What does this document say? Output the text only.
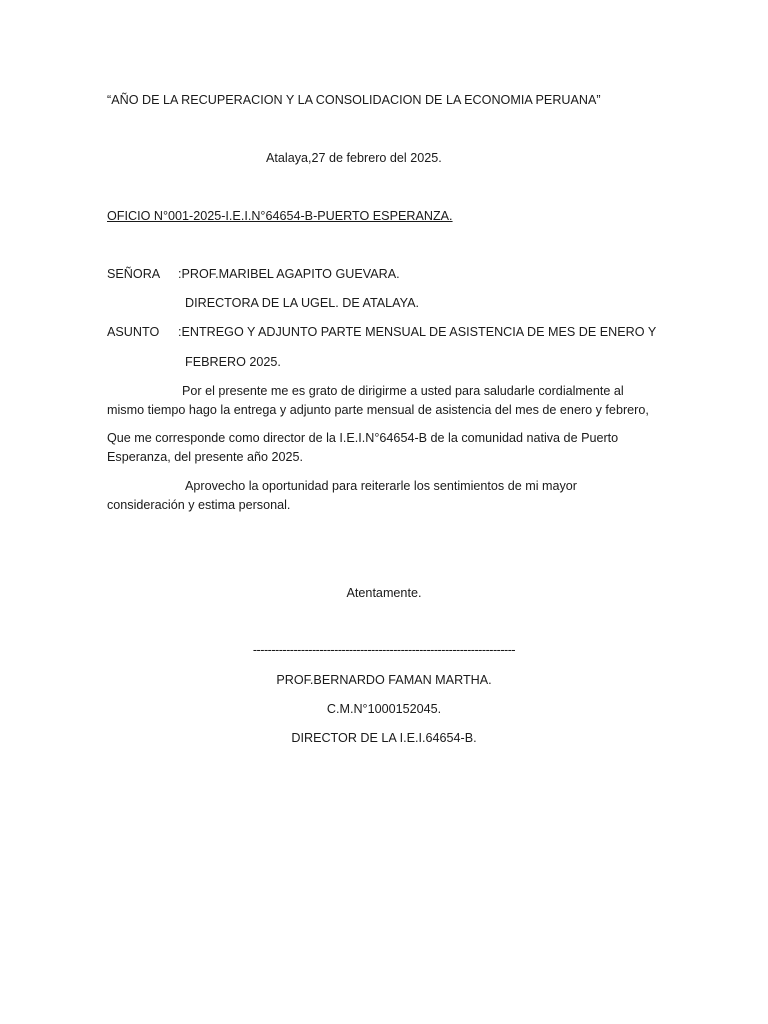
“AÑO DE LA RECUPERACION Y LA CONSOLIDACION DE LA ECONOMIA PERUANA”
Atalaya,27 de febrero del 2025.
OFICIO N°001-2025-I.E.I.N°64654-B-PUERTO ESPERANZA.
SEÑORA :PROF.MARIBEL AGAPITO GUEVARA.
DIRECTORA DE LA UGEL. DE ATALAYA.
ASUNTO :ENTREGO Y ADJUNTO PARTE MENSUAL DE ASISTENCIA DE MES DE ENERO Y
FEBRERO 2025.
Por el presente me es grato de dirigirme a usted para saludarle cordialmente al
mismo tiempo hago la entrega y adjunto parte mensual de asistencia del mes de enero y febrero,
Que me corresponde como director de la I.E.I.N°64654-B de la comunidad nativa de Puerto
Esperanza, del presente año 2025.
Aprovecho la oportunidad para reiterarle los sentimientos de mi mayor
consideración y estima personal.
Atentamente.
-----------------------------------------------------------------------
PROF.BERNARDO FAMAN MARTHA.
C.M.N°1000152045.
DIRECTOR DE LA I.E.I.64654-B.
